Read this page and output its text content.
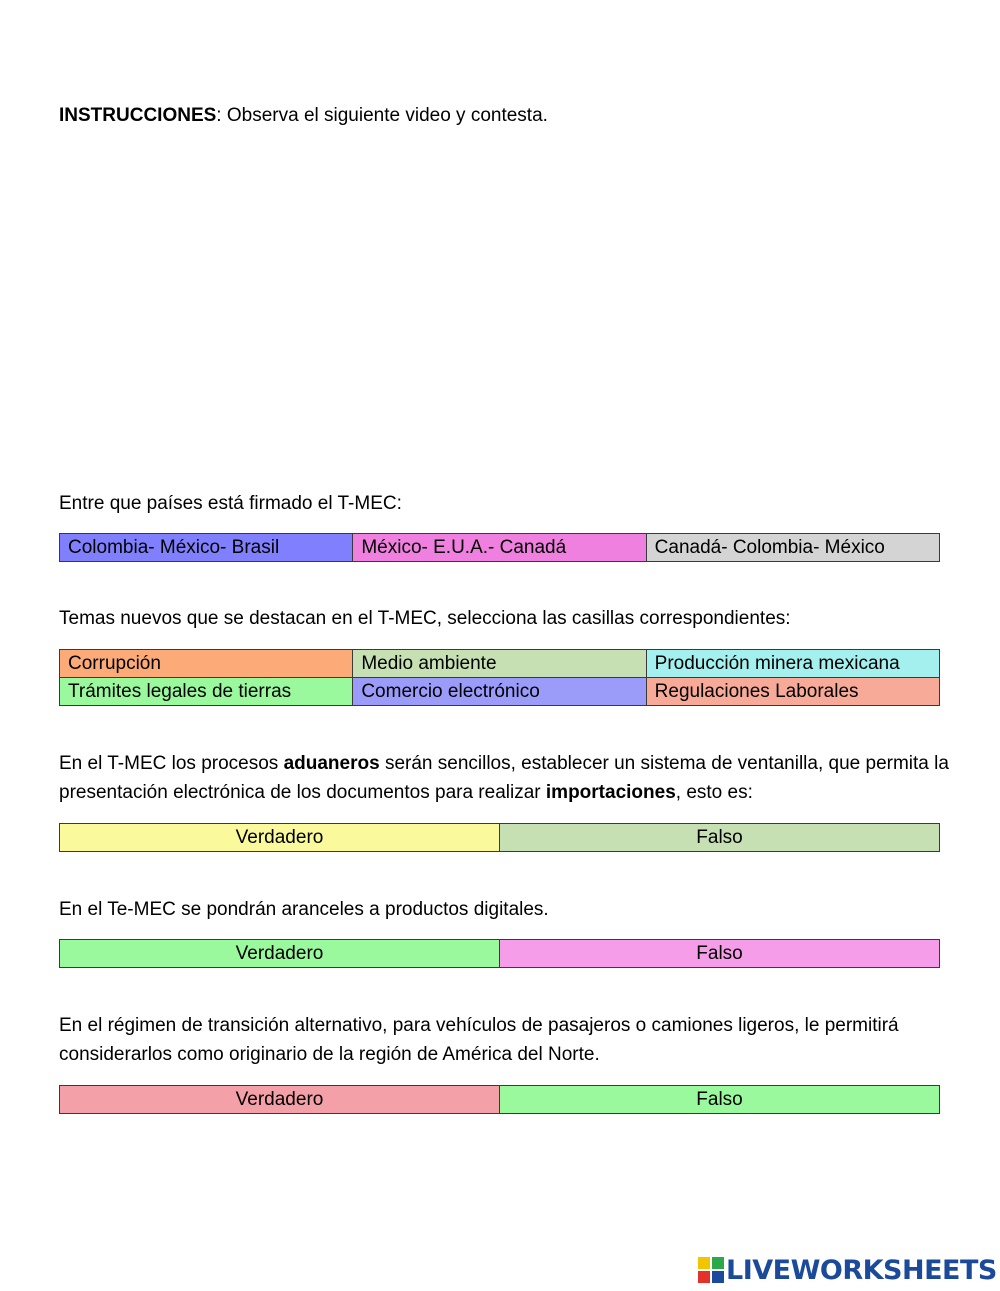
INSTRUCCIONES: Observa el siguiente video y contesta.

Entre que países está firmado el T-MEC:

Colombia- México- Brasil	México- E.U.A.- Canadá	Canadá- Colombia- México

Temas nuevos que se destacan en el T-MEC, selecciona las casillas correspondientes:

Corrupción	Medio ambiente	Producción minera mexicana
Trámites legales de tierras	Comercio electrónico	Regulaciones Laborales

En el T-MEC los procesos aduaneros serán sencillos, establecer un sistema de ventanilla, que permita la presentación electrónica de los documentos para realizar importaciones, esto es:

Verdadero	Falso

En el Te-MEC se pondrán aranceles a productos digitales.

Verdadero	Falso

En el régimen de transición alternativo, para vehículos de pasajeros o camiones ligeros, le permitirá considerarlos como originario de la región de América del Norte.

Verdadero	Falso
LIVEWORKSHEETS
